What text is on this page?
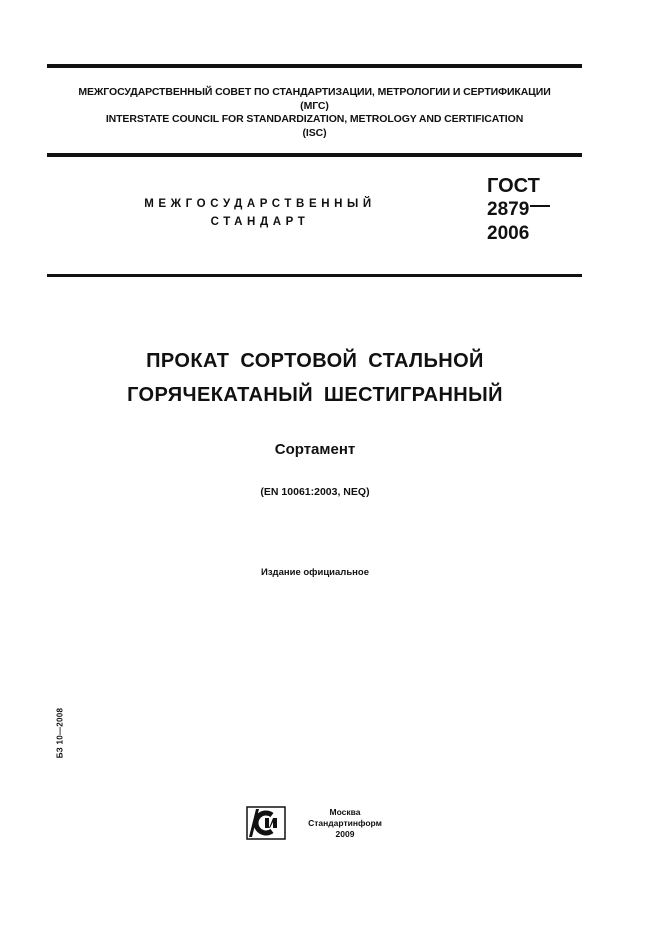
МЕЖГОСУДАРСТВЕННЫЙ СОВЕТ ПО СТАНДАРТИЗАЦИИ, МЕТРОЛОГИИ И СЕРТИФИКАЦИИ
(МГС)
INTERSTATE COUNCIL FOR STANDARDIZATION, METROLOGY AND CERTIFICATION
(ISC)
МЕЖГОСУДАРСТВЕННЫЙ
СТАНДАРТ
ГОСТ
2879
2006
ПРОКАТ СОРТОВОЙ СТАЛЬНОЙ
ГОРЯЧЕКАТАНЫЙ ШЕСТИГРАННЫЙ
Сортамент
(EN 10061:2003, NEQ)
Издание официальное
БЗ 10—2008
Москва
Стандартинформ
2009
